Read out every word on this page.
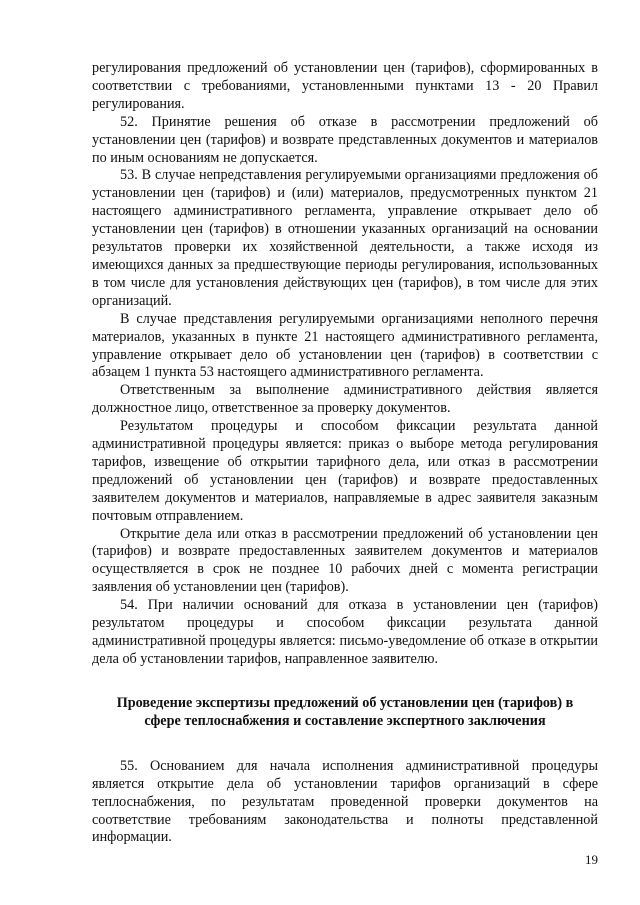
регулирования предложений об установлении цен (тарифов), сформированных в соответствии с требованиями, установленными пунктами 13 - 20 Правил регулирования.

52. Принятие решения об отказе в рассмотрении предложений об установлении цен (тарифов) и возврате представленных документов и материалов по иным основаниям не допускается.

53. В случае непредставления регулируемыми организациями предложения об установлении цен (тарифов) и (или) материалов, предусмотренных пунктом 21 настоящего административного регламента, управление открывает дело об установлении цен (тарифов) в отношении указанных организаций на основании результатов проверки их хозяйственной деятельности, а также исходя из имеющихся данных за предшествующие периоды регулирования, использованных в том числе для установления действующих цен (тарифов), в том числе для этих организаций.

В случае представления регулируемыми организациями неполного перечня материалов, указанных в пункте 21 настоящего административного регламента, управление открывает дело об установлении цен (тарифов) в соответствии с абзацем 1 пункта 53 настоящего административного регламента.

Ответственным за выполнение административного действия является должностное лицо, ответственное за проверку документов.

Результатом процедуры и способом фиксации результата данной административной процедуры является: приказ о выборе метода регулирования тарифов, извещение об открытии тарифного дела, или отказ в рассмотрении предложений об установлении цен (тарифов) и возврате предоставленных заявителем документов и материалов, направляемые в адрес заявителя заказным почтовым отправлением.

Открытие дела или отказ в рассмотрении предложений об установлении цен (тарифов) и возврате предоставленных заявителем документов и материалов осуществляется в срок не позднее 10 рабочих дней с момента регистрации заявления об установлении цен (тарифов).

54. При наличии оснований для отказа в установлении цен (тарифов) результатом процедуры и способом фиксации результата данной административной процедуры является: письмо-уведомление об отказе в открытии дела об установлении тарифов, направленное заявителю.

Проведение экспертизы предложений об установлении цен (тарифов) в сфере теплоснабжения и составление экспертного заключения

55. Основанием для начала исполнения административной процедуры является открытие дела об установлении тарифов организаций в сфере теплоснабжения, по результатам проведенной проверки документов на соответствие требованиям законодательства и полноты представленной информации.

19
